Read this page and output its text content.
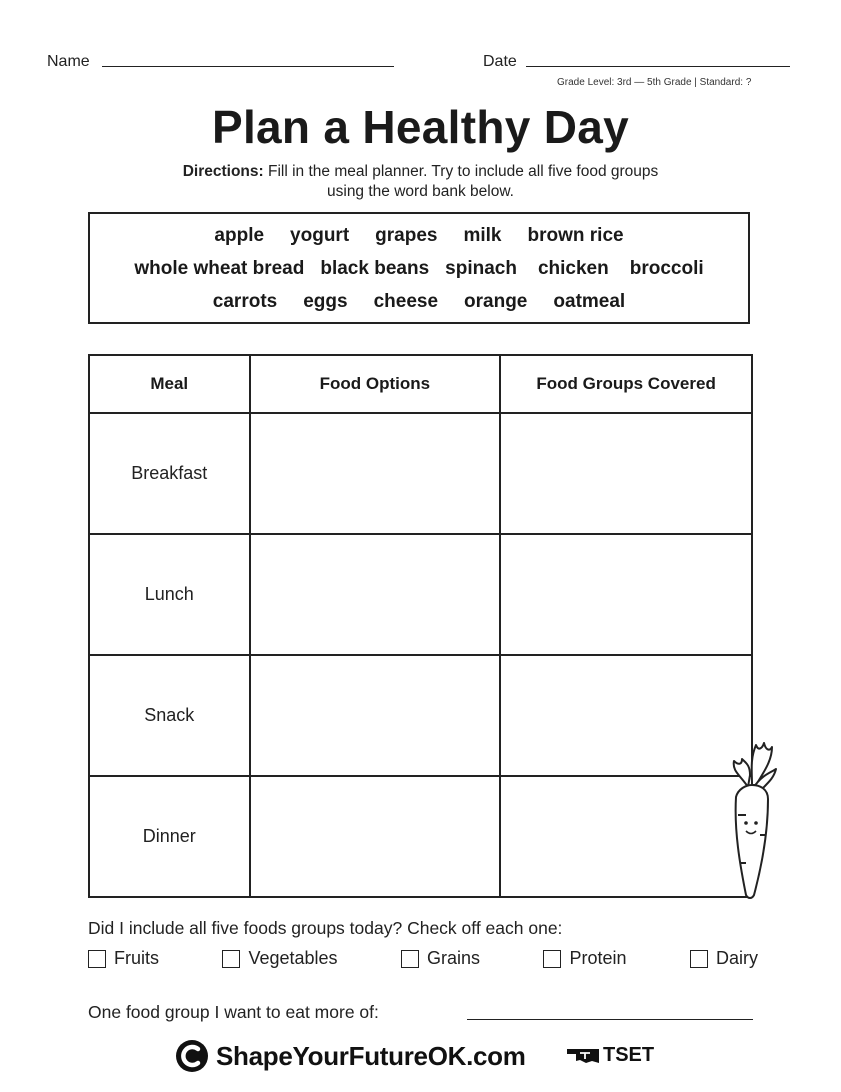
Name	Date
Grade Level: 3rd — 5th Grade | Standard: ?
Plan a Healthy Day
Directions: Fill in the meal planner. Try to include all five food groups
using the word bank below.
apple yogurt grapes milk brown rice
whole wheat bread black beans spinach chicken broccoli
carrots eggs cheese orange oatmeal
Meal	Food Options	Food Groups Covered
Breakfast		
Lunch		
Snack		
Dinner		
Did I include all five foods groups today? Check off each one:
Fruits	Vegetables	Grains	Protein	Dairy
One food group I want to eat more of:
ShapeYourFutureOK.com	TSET
